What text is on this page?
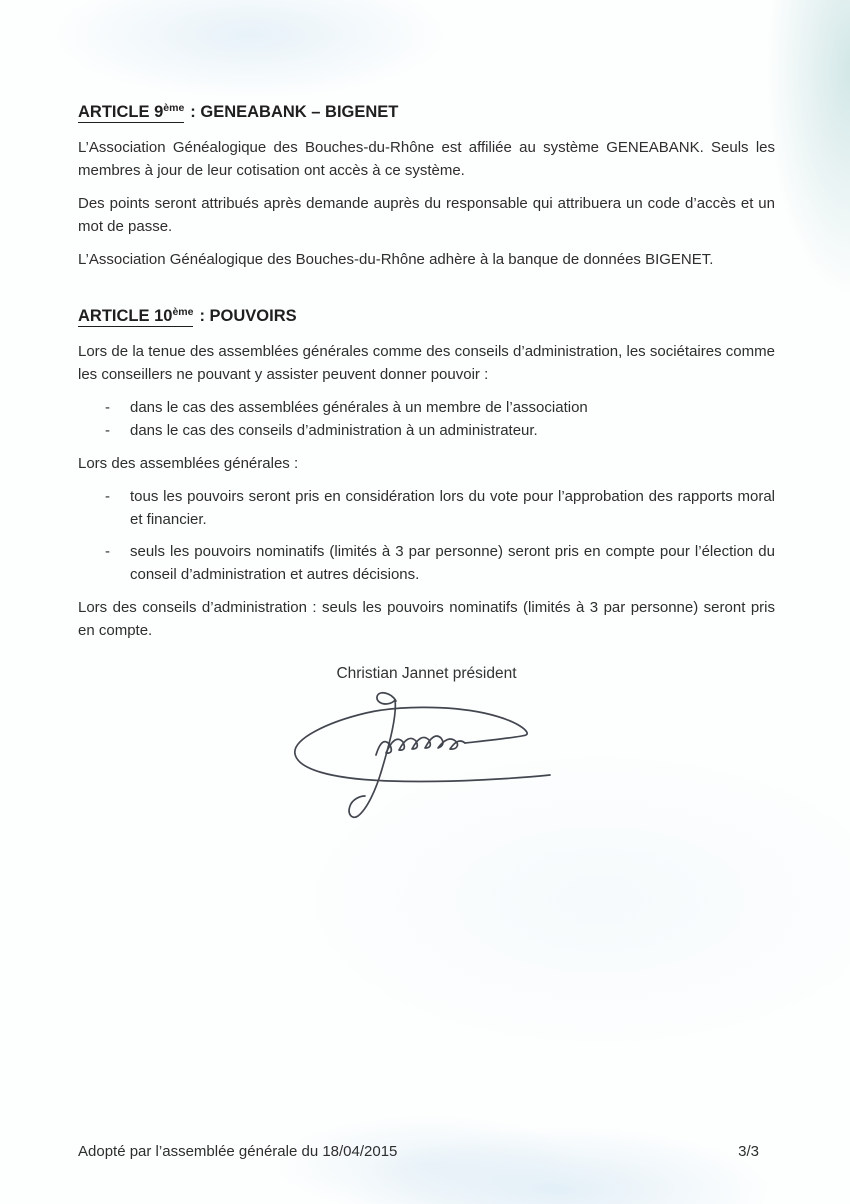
ARTICLE 9ème : GENEABANK – BIGENET

L’Association Généalogique des Bouches-du-Rhône est affiliée au système GENEABANK. Seuls les membres à jour de leur cotisation ont accès à ce système.

Des points seront attribués après demande auprès du responsable qui attribuera un code d’accès et un mot de passe.

L’Association Généalogique des Bouches-du-Rhône adhère à la banque de données BIGENET.

ARTICLE 10ème : POUVOIRS

Lors de la tenue des assemblées générales comme des conseils d’administration, les sociétaires comme les conseillers ne pouvant y assister peuvent donner pouvoir :

- dans le cas des assemblées générales à un membre de l’association
- dans le cas des conseils d’administration à un administrateur.

Lors des assemblées générales :

- tous les pouvoirs seront pris en considération lors du vote pour l’approbation des rapports moral et financier.
- seuls les pouvoirs nominatifs (limités à 3 par personne) seront pris en compte pour l’élection du conseil d’administration et autres décisions.

Lors des conseils d’administration : seuls les pouvoirs nominatifs (limités à 3 par personne) seront pris en compte.

Christian Jannet président

Adopté par l’assemblée générale du 18/04/2015	3/3
